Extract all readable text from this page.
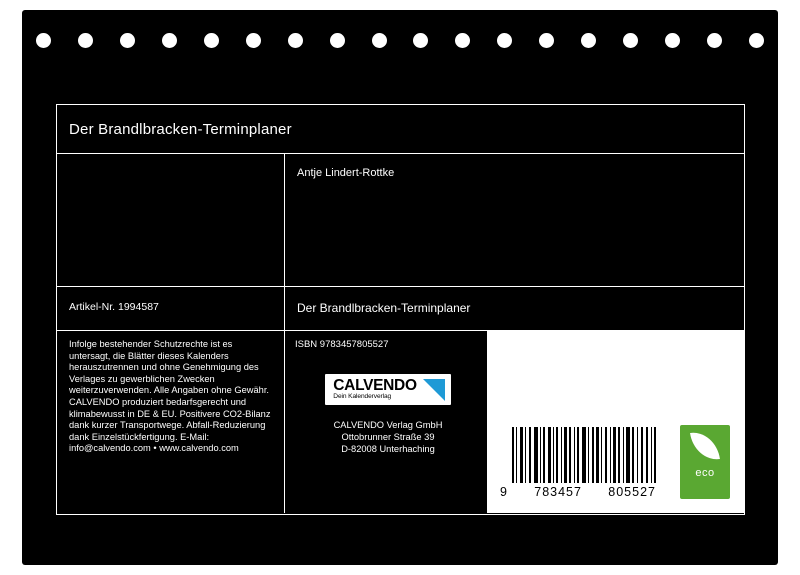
Der Brandlbracken-Terminplaner
Antje Lindert-Rottke
Artikel-Nr. 1994587	Der Brandlbracken-Terminplaner
Infolge bestehender Schutzrechte ist es untersagt, die Blätter dieses Kalenders herauszutrennen und ohne Genehmigung des Verlages zu gewerblichen Zwecken weiterzuverwenden. Alle Angaben ohne Gewähr. CALVENDO produziert bedarfsgerecht und klimabewusst in DE & EU. Positivere CO2-Bilanz dank kurzer Transportwege. Abfall-Reduzierung dank Einzelstückfertigung. E-Mail: info@calvendo.com • www.calvendo.com
ISBN 9783457805527
CALVENDO
Dein Kalenderverlag
CALVENDO Verlag GmbH
Ottobrunner Straße 39
D-82008 Unterhaching
9 783457 805527
eco
